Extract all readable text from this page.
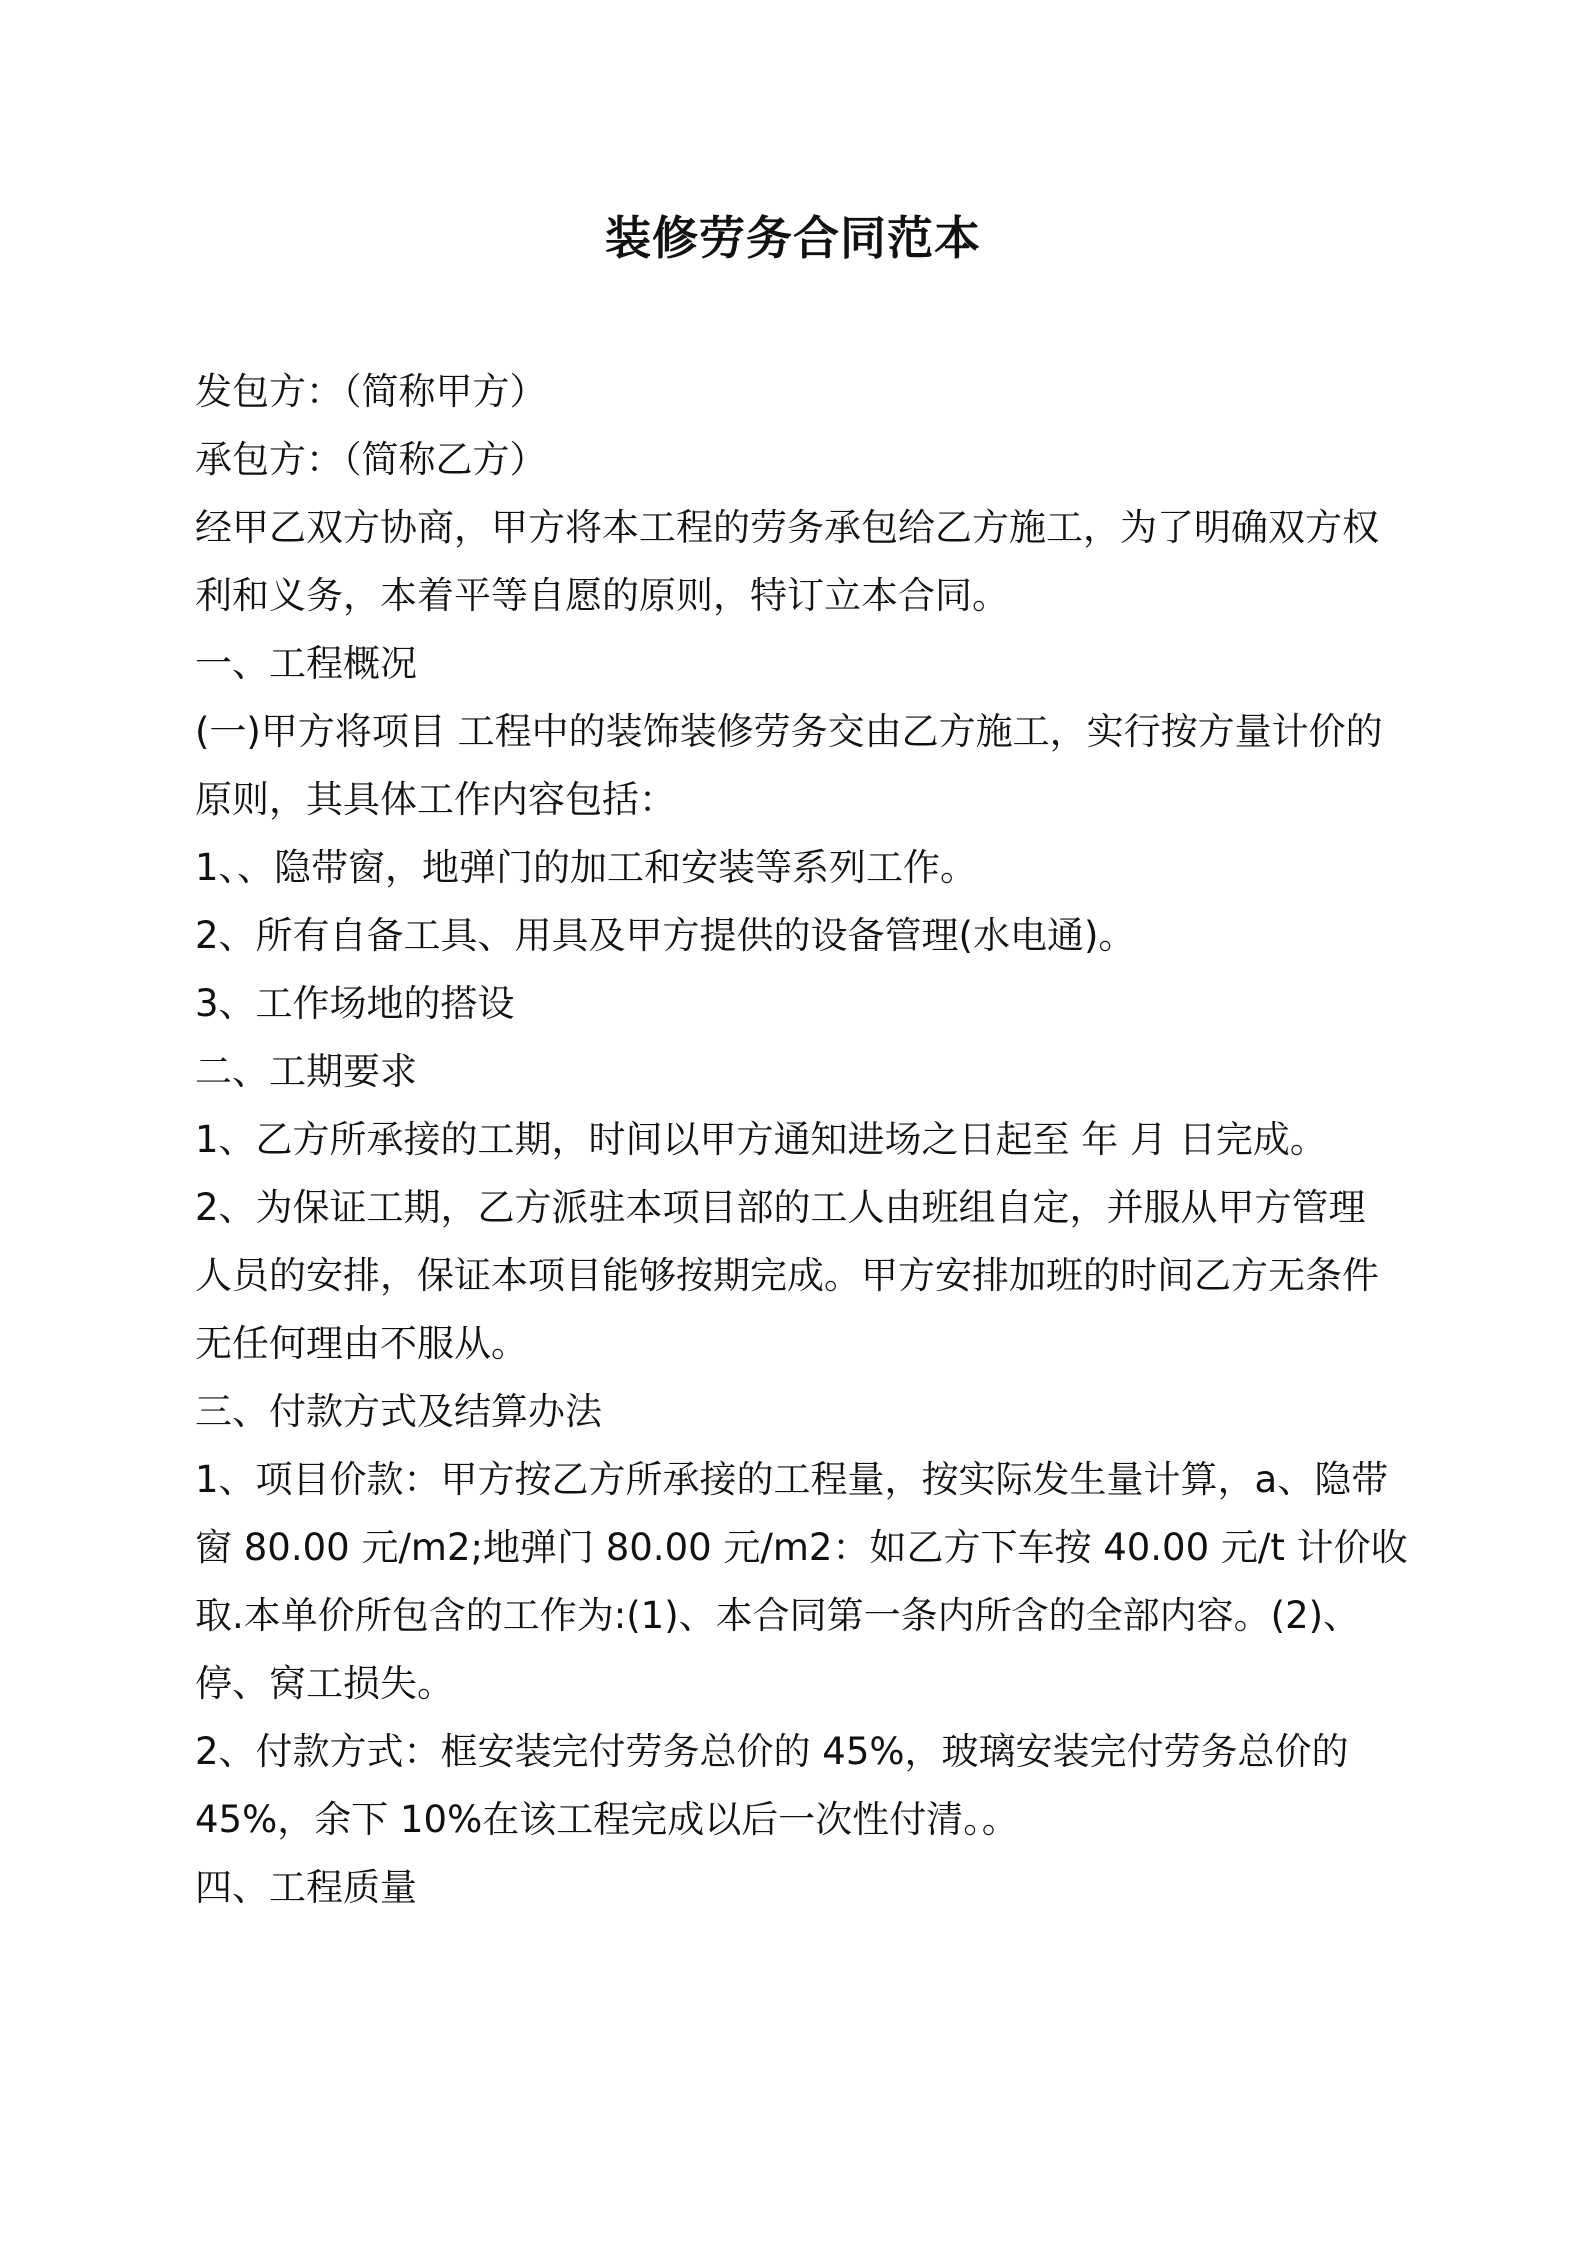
装修劳务合同范本

发包方：（简称甲方）

承包方：（简称乙方）

经甲乙双方协商，甲方将本工程的劳务承包给乙方施工，为了明确双方权

利和义务，本着平等自愿的原则，特订立本合同。

一、工程概况

(一)甲方将项目 工程中的装饰装修劳务交由乙方施工，实行按方量计价的

原则，其具体工作内容包括：

1、、隐带窗，地弹门的加工和安装等系列工作。

2、所有自备工具、用具及甲方提供的设备管理(水电通)。

3、工作场地的搭设

二、工期要求

1、乙方所承接的工期，时间以甲方通知进场之日起至 年 月 日完成。

2、为保证工期，乙方派驻本项目部的工人由班组自定，并服从甲方管理

人员的安排，保证本项目能够按期完成。甲方安排加班的时间乙方无条件

无任何理由不服从。

三、付款方式及结算办法

1、项目价款：甲方按乙方所承接的工程量，按实际发生量计算，a、隐带

窗 80.00 元/m2;地弹门 80.00 元/m2：如乙方下车按 40.00 元/t 计价收

取.本单价所包含的工作为:(1)、本合同第一条内所含的全部内容。(2)、

停、窝工损失。

2、付款方式：框安装完付劳务总价的 45%，玻璃安装完付劳务总价的

45%，余下 10%在该工程完成以后一次性付清。。

四、工程质量
